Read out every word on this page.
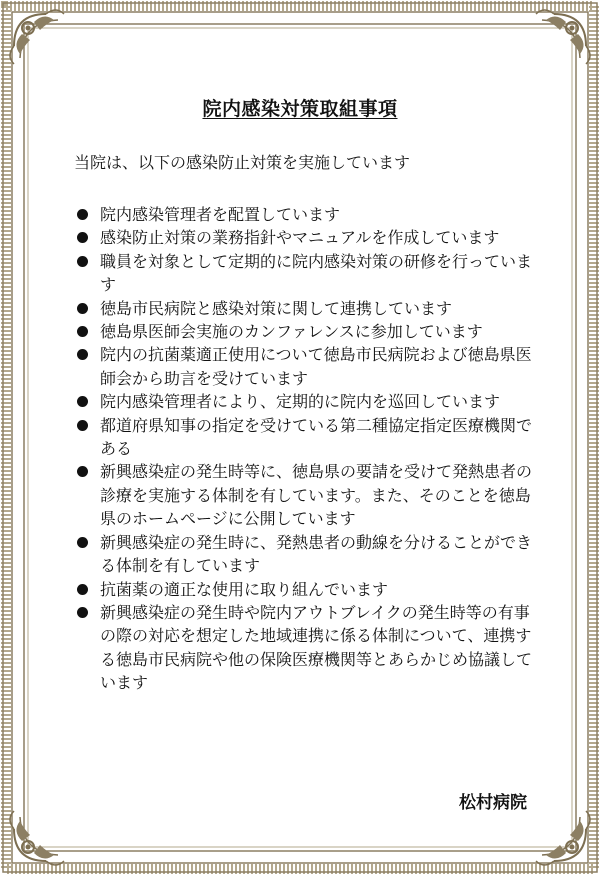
院内感染対策取組事項
当院は、以下の感染防止対策を実施しています
院内感染管理者を配置しています
感染防止対策の業務指針やマニュアルを作成しています
職員を対象として定期的に院内感染対策の研修を行っています
徳島市民病院と感染対策に関して連携しています
徳島県医師会実施のカンファレンスに参加しています
院内の抗菌薬適正使用について徳島市民病院および徳島県医師会から助言を受けています
院内感染管理者により、定期的に院内を巡回しています
都道府県知事の指定を受けている第二種協定指定医療機関である
新興感染症の発生時等に、徳島県の要請を受けて発熱患者の診療を実施する体制を有しています。また、そのことを徳島県のホームページに公開しています
新興感染症の発生時に、発熱患者の動線を分けることができる体制を有しています
抗菌薬の適正な使用に取り組んでいます
新興感染症の発生時や院内アウトブレイクの発生時等の有事の際の対応を想定した地域連携に係る体制について、連携する徳島市民病院や他の保険医療機関等とあらかじめ協議しています
松村病院
